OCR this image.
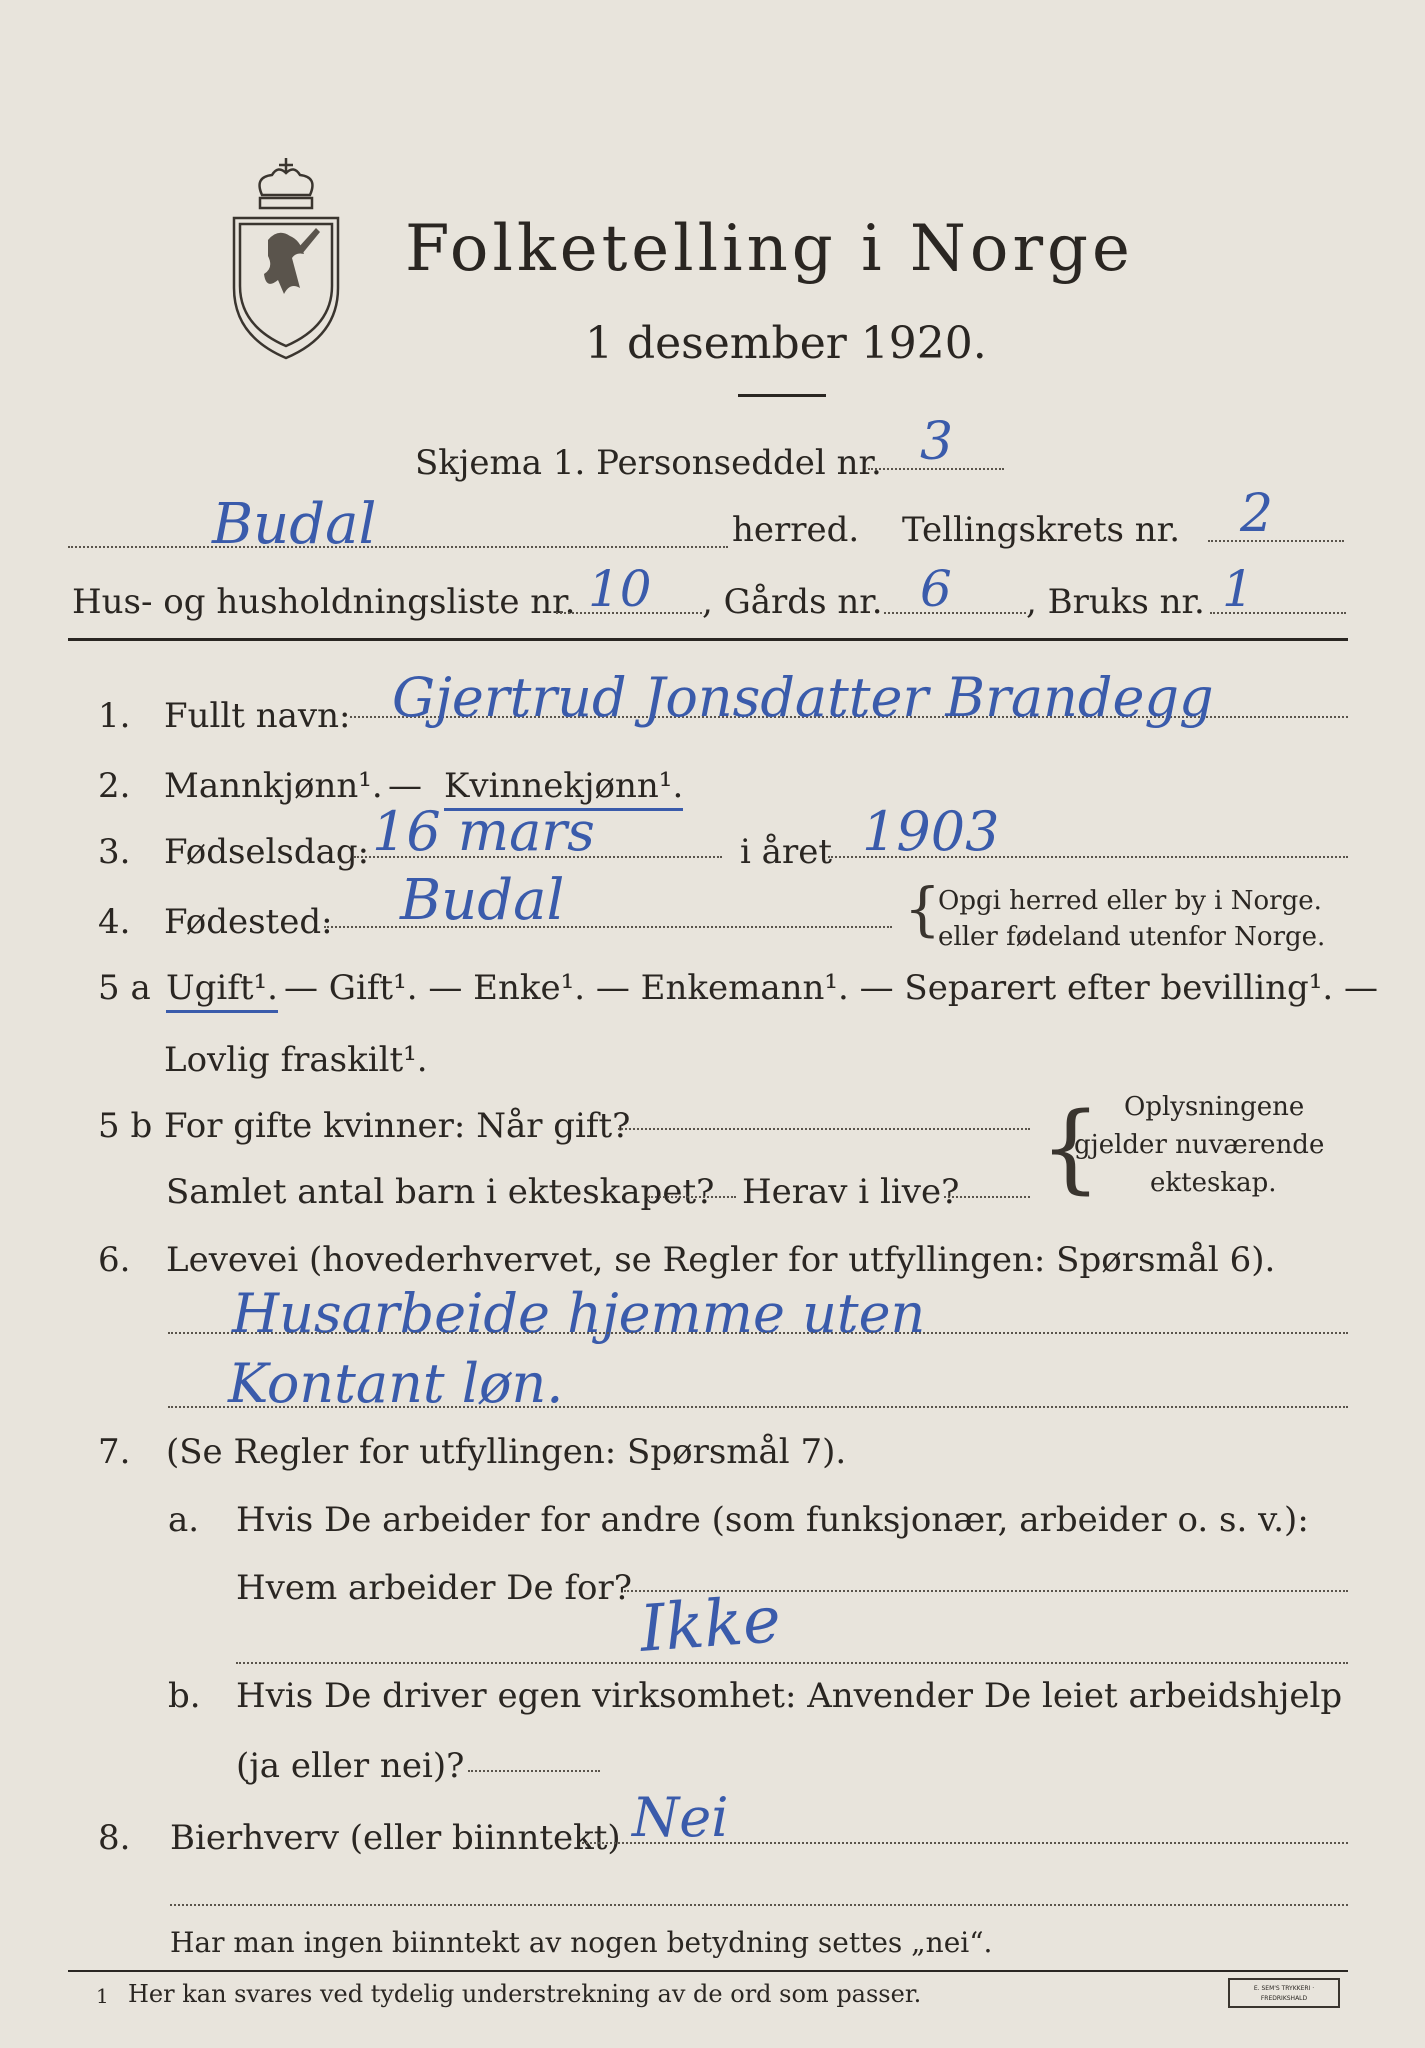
Folketelling i Norge
1 desember 1920.
Skjema 1. Personseddel nr. 3
Budal	herred. Tellingskrets nr. 2
Hus- og husholdningsliste nr. 10 , Gårds nr. 6 , Bruks nr. 1
1. Fullt navn: Gjertrud Jonsdatter Brandegg
2. Mannkjønn¹. — Kvinnekjønn¹.
3. Fødselsdag: 16 mars	i året 1903
4. Fødested: Budal	{
Opgi herred eller by i Norge.
eller fødeland utenfor Norge.
5 a Ugift¹. — Gift¹. — Enke¹. — Enkemann¹. — Separert efter bevilling¹. —
Lovlig fraskilt¹.
5 b For gifte kvinner: Når gift?
Samlet antal barn i ekteskapet? Herav i live? { Oplysningene
gjelder nuværende
ekteskap.
6. Levevei (hovederhvervet, se Regler for utfyllingen: Spørsmål 6).
Husarbeide hjemme uten
Kontant løn.
7. (Se Regler for utfyllingen: Spørsmål 7).
a. Hvis De arbeider for andre (som funksjonær, arbeider o. s. v.):
Hvem arbeider De for? Ikke
b. Hvis De driver egen virksomhet: Anvender De leiet arbeidshjelp
(ja eller nei)?
8. Bierhverv (eller biinntekt) Nei
Har man ingen biinntekt av nogen betydning settes „nei“.
1 Her kan svares ved tydelig understrekning av de ord som passer.	E. SEM'S TRYKKERI · FREDRIKSHALD
